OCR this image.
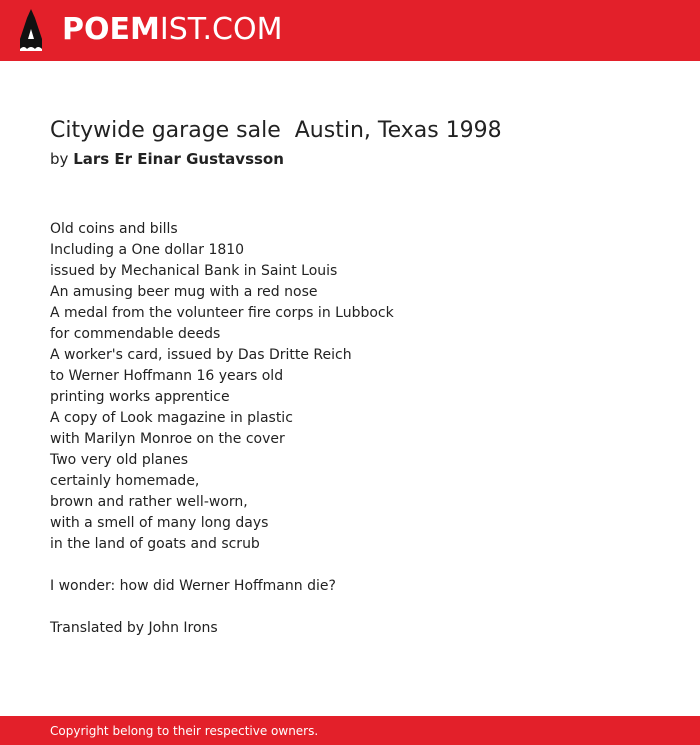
POEMIST.COM
Citywide garage sale  Austin, Texas 1998
by Lars Er Einar Gustavsson
Old coins and bills
Including a One dollar 1810
issued by Mechanical Bank in Saint Louis
An amusing beer mug with a red nose
A medal from the volunteer fire corps in Lubbock
for commendable deeds
A worker's card, issued by Das Dritte Reich
to Werner Hoffmann 16 years old
printing works apprentice
A copy of Look magazine in plastic
with Marilyn Monroe on the cover
Two very old planes
certainly homemade,
brown and rather well-worn,
with a smell of many long days
in the land of goats and scrub
I wonder: how did Werner Hoffmann die?
Translated by John Irons
Copyright belong to their respective owners.
